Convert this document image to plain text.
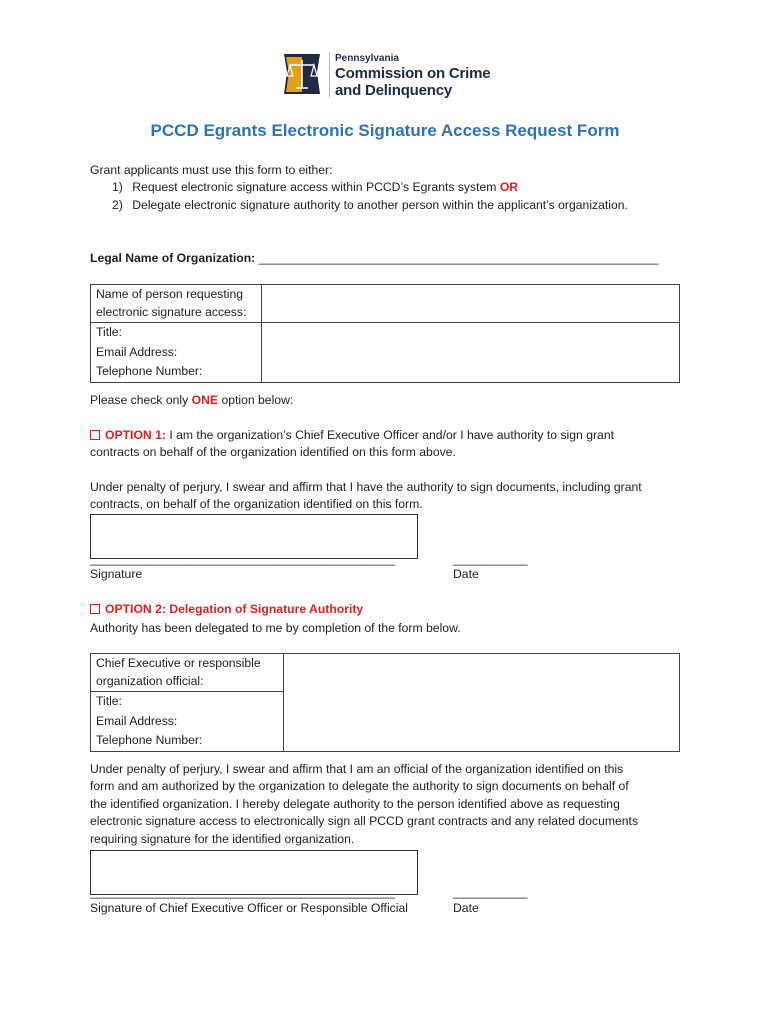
Pennsylvania
Commission on Crime
and Delinquency
PCCD Egrants Electronic Signature Access Request Form
Grant applicants must use this form to either:
1) Request electronic signature access within PCCD’s Egrants system OR
2) Delegate electronic signature authority to another person within the applicant’s organization.
Legal Name of Organization: ___________________________________________________________
Name of person requesting electronic signature access:	
Title:	
Email Address:	
Telephone Number:	
Please check only ONE option below:
OPTION 1: I am the organization’s Chief Executive Officer and/or I have authority to sign grant
contracts on behalf of the organization identified on this form above.
Under penalty of perjury, I swear and affirm that I have the authority to sign documents, including grant
contracts, on behalf of the organization identified on this form.
_____________________________________________	___________
Signature	Date
OPTION 2: Delegation of Signature Authority
Authority has been delegated to me by completion of the form below.
Chief Executive or responsible organization official:	
Title:
Email Address:
Telephone Number:
Under penalty of perjury, I swear and affirm that I am an official of the organization identified on this
form and am authorized by the organization to delegate the authority to sign documents on behalf of
the identified organization. I hereby delegate authority to the person identified above as requesting
electronic signature access to electronically sign all PCCD grant contracts and any related documents
requiring signature for the identified organization.
_____________________________________________	___________
Signature of Chief Executive Officer or Responsible Official	Date
